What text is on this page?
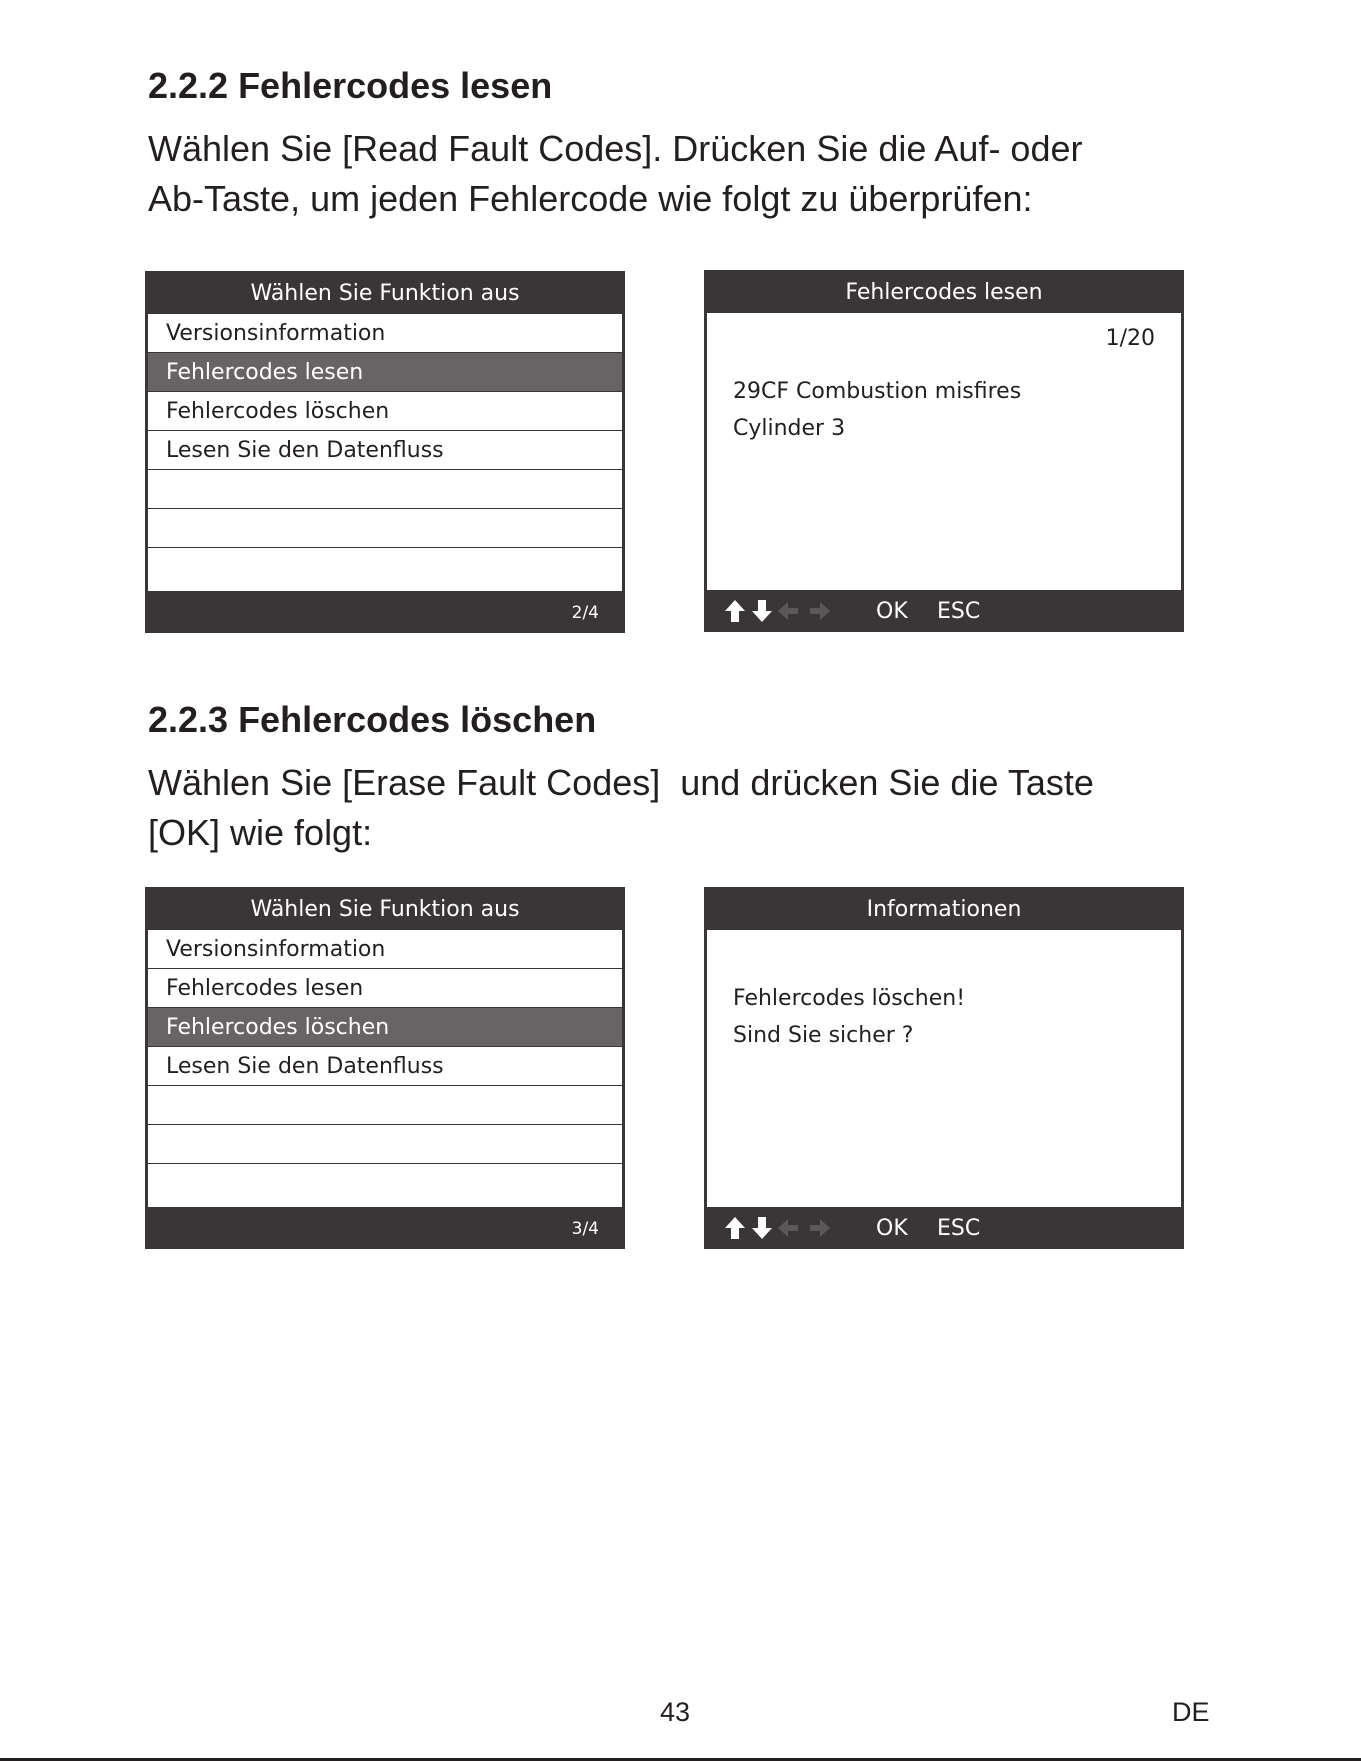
2.2.2 Fehlercodes lesen

Wählen Sie [Read Fault Codes]. Drücken Sie die Auf- oder
Ab-Taste, um jeden Fehlercode wie folgt zu überprüfen:

Wählen Sie Funktion aus
Versionsinformation
Fehlercodes lesen
Fehlercodes löschen
Lesen Sie den Datenfluss
2/4
Fehlercodes lesen
1/20
29CF Combustion misfires
Cylinder 3
OK ESC
2.2.3 Fehlercodes löschen

Wählen Sie [Erase Fault Codes]  und drücken Sie die Taste
[OK] wie folgt:

Wählen Sie Funktion aus
Versionsinformation
Fehlercodes lesen
Fehlercodes löschen
Lesen Sie den Datenfluss
3/4
Informationen
Fehlercodes löschen!
Sind Sie sicher ?
OK ESC
43	DE
